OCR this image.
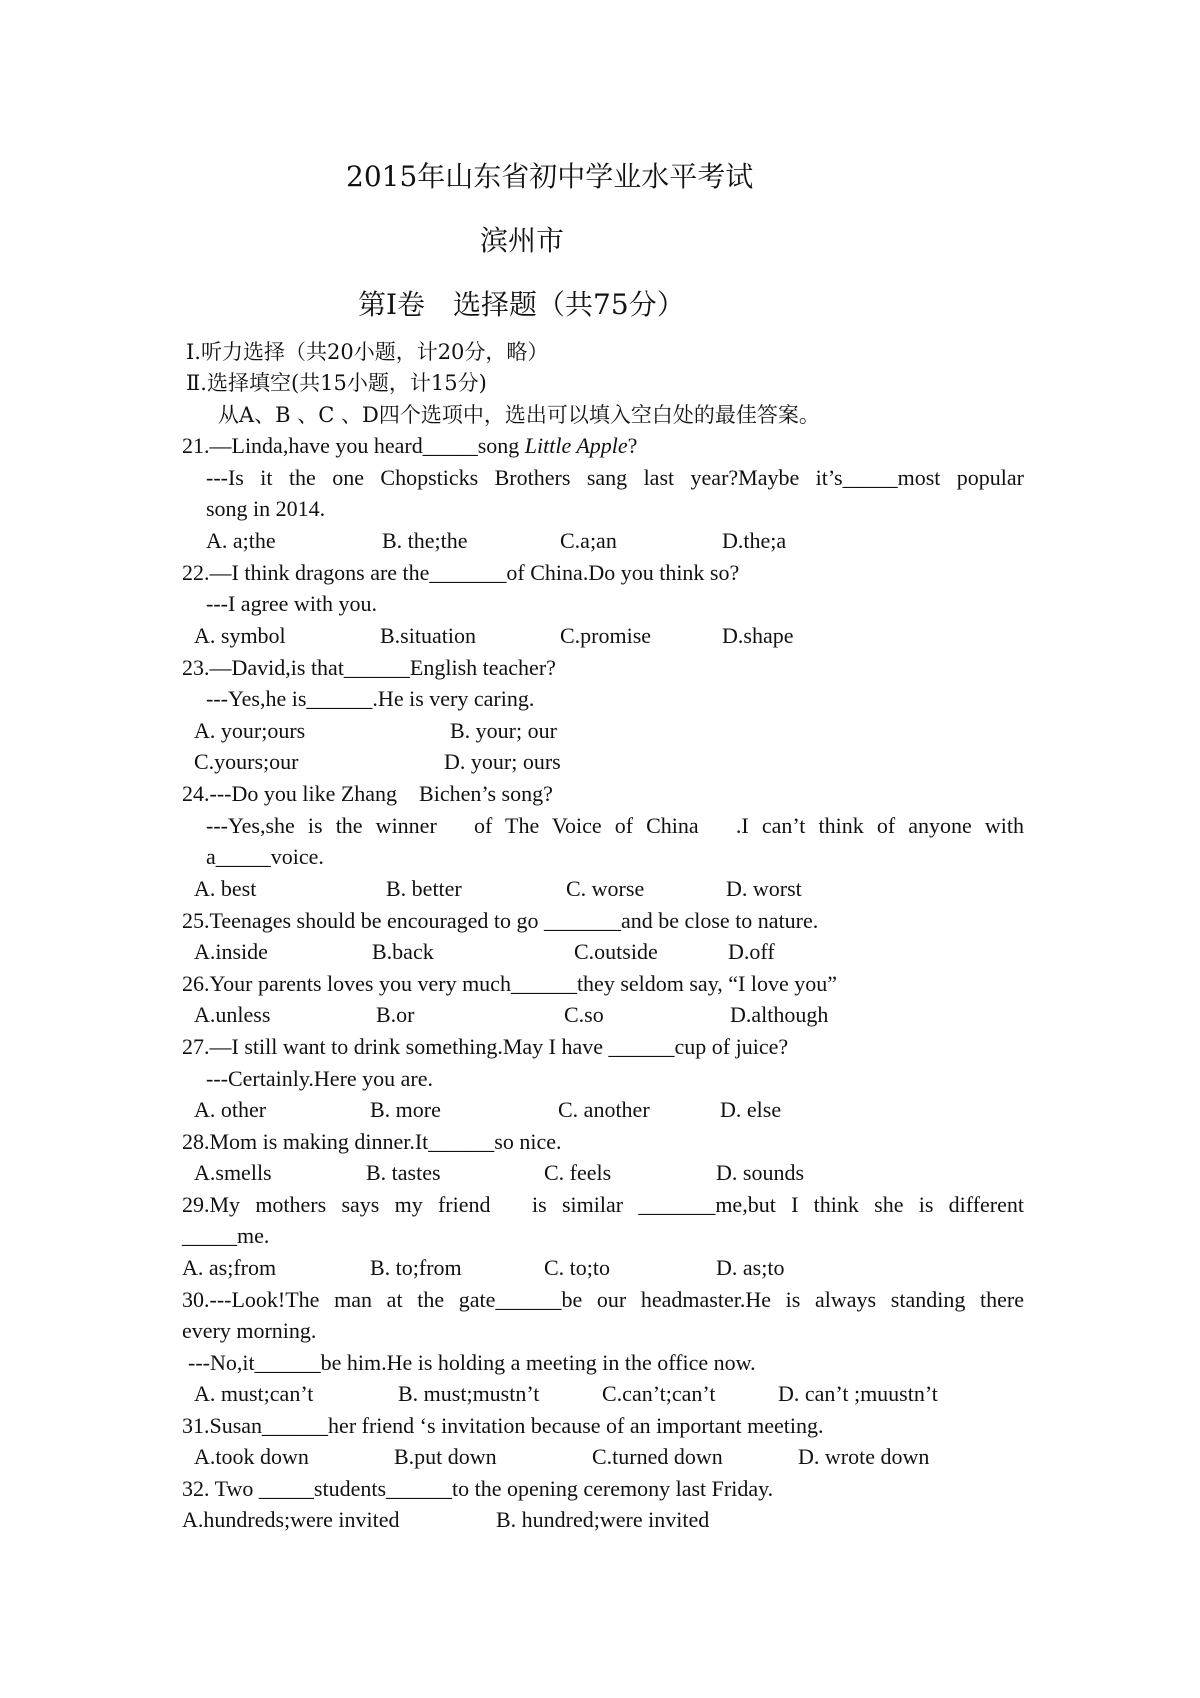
2015年山东省初中学业水平考试
滨州市
第Ⅰ卷　选择题（共75分）
Ⅰ.听力选择（共20小题，计20分，略）
Ⅱ.选择填空(共15小题，计15分)
从A、B 、C 、D四个选项中，选出可以填入空白处的最佳答案。
21.—Linda,have you heard_____song Little Apple?
---Is it the one Chopsticks Brothers sang last year?Maybe it’s_____most popular
song in 2014.
A. a;the	B. the;the	C.a;an	D.the;a
22.—I think dragons are the_______of China.Do you think so?
---I agree with you.
A. symbol	B.situation	C.promise	D.shape
23.—David,is that______English teacher?
---Yes,he is______.He is very caring.
A. your;ours	B. your; our
C.yours;our	D. your; ours
24.---Do you like Zhang　Bichen’s song?
---Yes,she is the winner　of The Voice of China　.I can’t think of anyone with
a_____voice.
A. best	B. better	C. worse	D. worst
25.Teenages should be encouraged to go _______and be close to nature.
A.inside	B.back	C.outside	D.off
26.Your parents loves you very much______they seldom say, “I love you”
A.unless	B.or	C.so	D.although
27.—I still want to drink something.May I have ______cup of juice?
---Certainly.Here you are.
A. other	B. more	C. another	D. else
28.Mom is making dinner.It______so nice.
A.smells	B. tastes	C. feels	D. sounds
29.My mothers says my friend　is similar _______me,but I think she is different
_____me.
A. as;from	B. to;from	C. to;to	D. as;to
30.---Look!The man at the gate______be our headmaster.He is always standing there
every morning.
---No,it______be him.He is holding a meeting in the office now.
A. must;can’t	B. must;mustn’t	C.can’t;can’t	D. can’t ;muustn’t
31.Susan______her friend ‘s invitation because of an important meeting.
A.took down	B.put down	C.turned down	D. wrote down
32. Two _____students______to the opening ceremony last Friday.
A.hundreds;were invited	B. hundred;were invited
